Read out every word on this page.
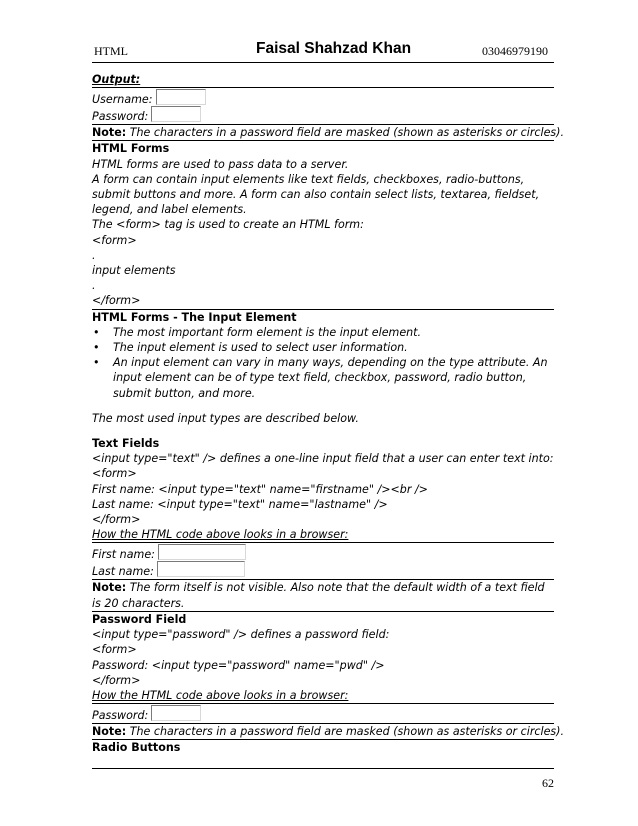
HTML	Faisal Shahzad Khan	03046979190
Output:
Username:
Password:
Note: The characters in a password field are masked (shown as asterisks or circles).
HTML Forms
HTML forms are used to pass data to a server.
A form can contain input elements like text fields, checkboxes, radio-buttons, submit buttons and more. A form can also contain select lists, textarea, fieldset, legend, and label elements.
The <form> tag is used to create an HTML form:
<form>
.
input elements
.
</form>
HTML Forms - The Input Element
• The most important form element is the input element.
• The input element is used to select user information.
• An input element can vary in many ways, depending on the type attribute. An input element can be of type text field, checkbox, password, radio button, submit button, and more.
The most used input types are described below.
Text Fields
<input type="text" /> defines a one-line input field that a user can enter text into:
<form>
First name: <input type="text" name="firstname" /><br />
Last name: <input type="text" name="lastname" />
</form>
How the HTML code above looks in a browser:
First name:
Last name:
Note: The form itself is not visible. Also note that the default width of a text field is 20 characters.
Password Field
<input type="password" /> defines a password field:
<form>
Password: <input type="password" name="pwd" />
</form>
How the HTML code above looks in a browser:
Password:
Note: The characters in a password field are masked (shown as asterisks or circles).
Radio Buttons
62
